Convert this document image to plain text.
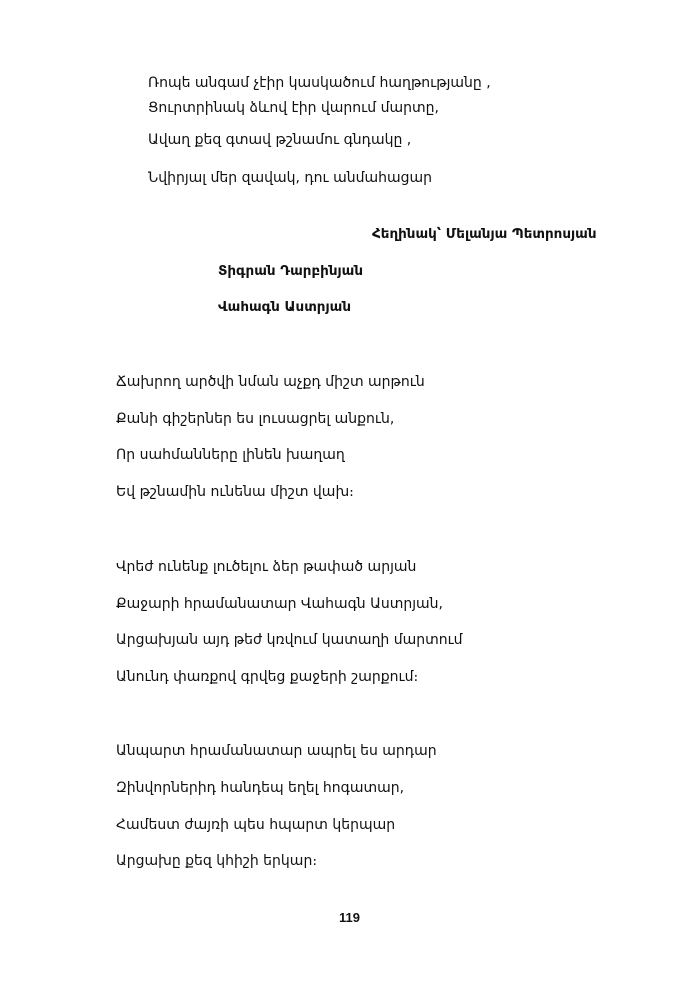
Ռոպե անգամ չէիր կասկածում հաղթությանը ,
Ցուրտրինակ ձևով էիր վարում մարտը,
Ավաղ քեզ գտավ թշնամու գնդակը ,
Նվիրյալ մեր զավակ, դու անմահացար
Հեղինակ՝ Մելանյա Պետրոսյան
Տիգրան Դարբինյան
Վահագն Աստրյան
Ճախրող արծվի նման աչքդ միշտ արթուն
Քանի գիշերներ ես լուսացրել անքուն,
Որ սահմանները լինեն խաղաղ
Եվ թշնամին ունենա միշտ վախ։
Վրեժ ունենք լուծելու ձեր թափած արյան
Քաջարի հրամանատար Վահագն Աստրյան,
Արցախյան այդ թեժ կռվում կատաղի մարտում
Անունդ փառքով գրվեց քաջերի շարքում։
Անպարտ հրամանատար ապրել ես արդար
Զինվորներիդ հանդեպ եղել հոգատար,
Համեստ ժայռի պես հպարտ կերպար
Արցախը քեզ կհիշի երկար։
119
